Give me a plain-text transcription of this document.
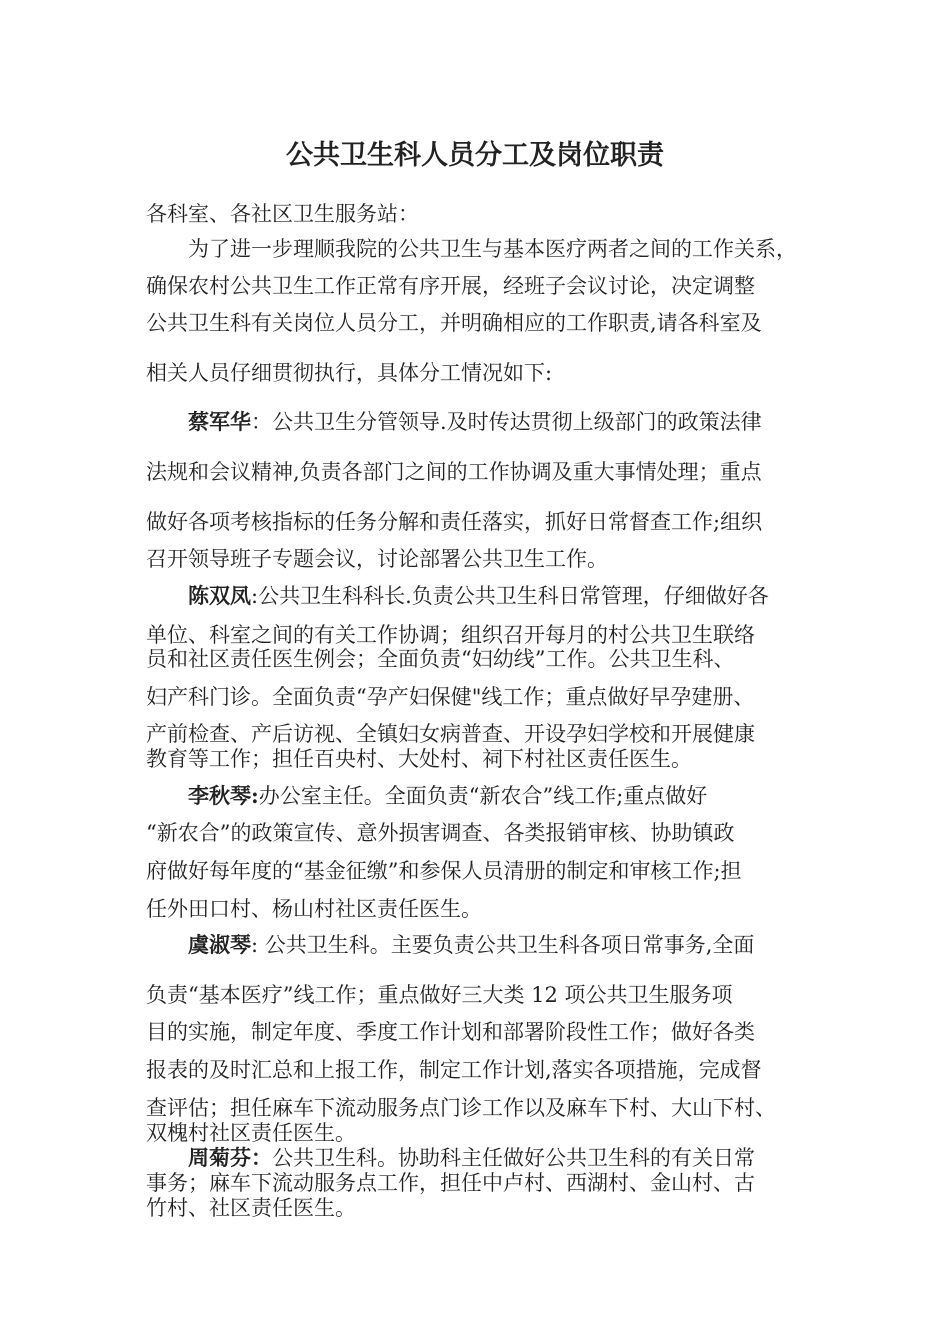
公共卫生科人员分工及岗位职责
各科室、各社区卫生服务站：
为了进一步理顺我院的公共卫生与基本医疗两者之间的工作关系，
确保农村公共卫生工作正常有序开展，经班子会议讨论，决定调整
公共卫生科有关岗位人员分工，并明确相应的工作职责,请各科室及
相关人员仔细贯彻执行，具体分工情况如下:
蔡军华：公共卫生分管领导.及时传达贯彻上级部门的政策法律
法规和会议精神,负责各部门之间的工作协调及重大事情处理；重点
做好各项考核指标的任务分解和责任落实，抓好日常督查工作;组织
召开领导班子专题会议，讨论部署公共卫生工作。
陈双凤:公共卫生科科长.负责公共卫生科日常管理，仔细做好各
单位、科室之间的有关工作协调；组织召开每月的村公共卫生联络
员和社区责任医生例会；全面负责“妇幼线”工作。公共卫生科、
妇产科门诊。全面负责“孕产妇保健"线工作；重点做好早孕建册、
产前检查、产后访视、全镇妇女病普查、开设孕妇学校和开展健康
教育等工作；担任百央村、大处村、祠下村社区责任医生。
李秋琴:办公室主任。全面负责“新农合”线工作;重点做好
“新农合”的政策宣传、意外损害调查、各类报销审核、协助镇政
府做好每年度的“基金征缴”和参保人员清册的制定和审核工作;担
任外田口村、杨山村社区责任医生。
虞淑琴: 公共卫生科。主要负责公共卫生科各项日常事务,全面
负责“基本医疗”线工作；重点做好三大类 12 项公共卫生服务项
目的实施，制定年度、季度工作计划和部署阶段性工作；做好各类
报表的及时汇总和上报工作，制定工作计划,落实各项措施，完成督
查评估；担任麻车下流动服务点门诊工作以及麻车下村、大山下村、
双槐村社区责任医生。
周菊芬：公共卫生科。协助科主任做好公共卫生科的有关日常
事务；麻车下流动服务点工作，担任中卢村、西湖村、金山村、古
竹村、社区责任医生。
